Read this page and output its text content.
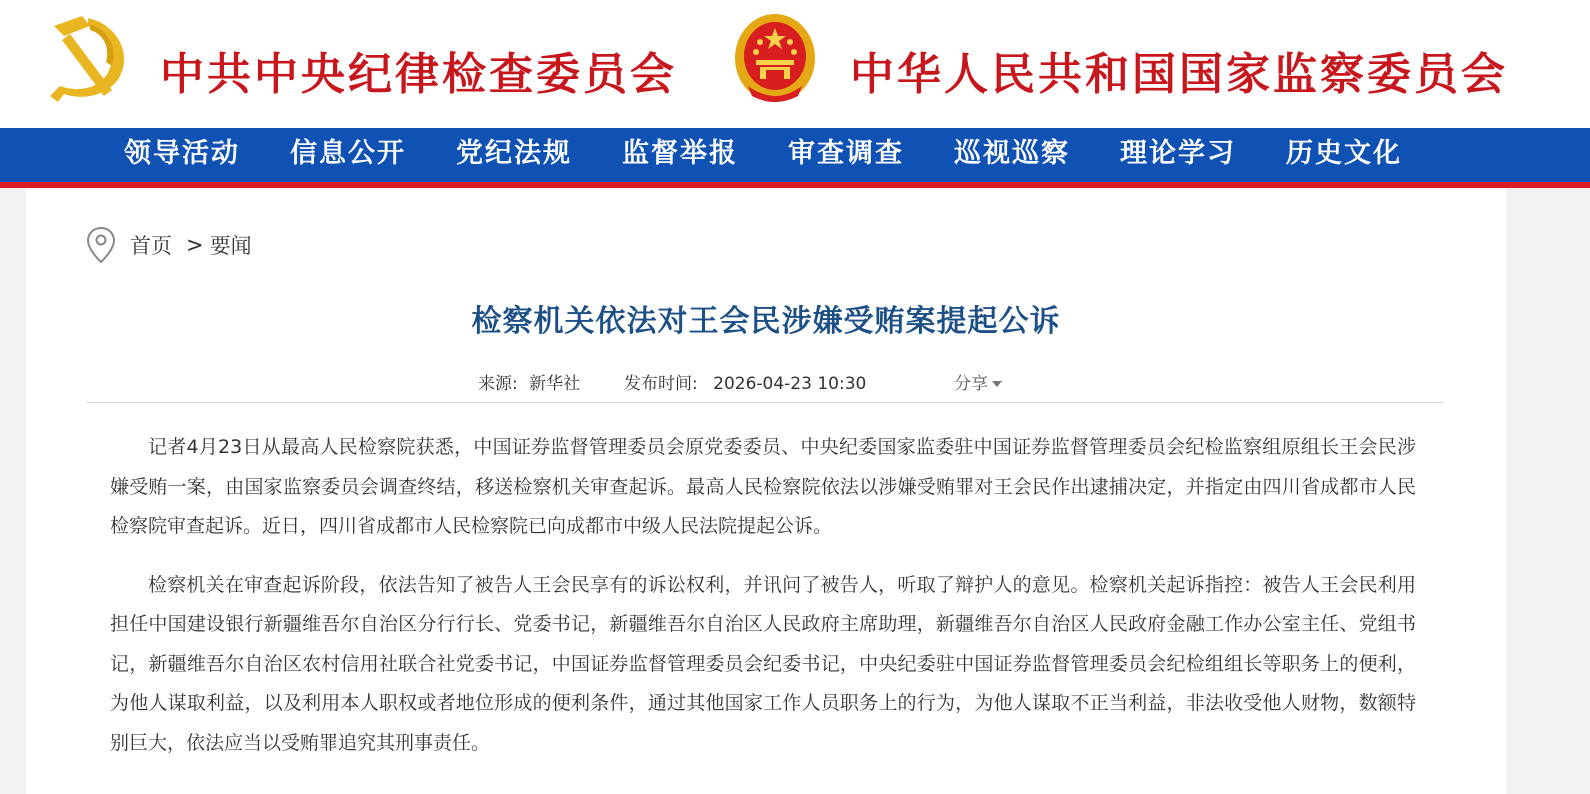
中共中央纪律检查委员会	中华人民共和国国家监察委员会
领导活动	信息公开	党纪法规	监督举报	审查调查	巡视巡察	理论学习	历史文化
首页 > 要闻
检察机关依法对王会民涉嫌受贿案提起公诉
来源: 新华社	发布时间: 2026-04-23 10:30	分享

记者4月23日从最高人民检察院获悉，中国证券监督管理委员会原党委委员、中央纪委国家监委驻中国证券监督管理委员会纪检监察组原组长王会民涉嫌受贿一案，由国家监察委员会调查终结，移送检察机关审查起诉。最高人民检察院依法以涉嫌受贿罪对王会民作出逮捕决定，并指定由四川省成都市人民检察院审查起诉。近日，四川省成都市人民检察院已向成都市中级人民法院提起公诉。

检察机关在审查起诉阶段，依法告知了被告人王会民享有的诉讼权利，并讯问了被告人，听取了辩护人的意见。检察机关起诉指控：被告人王会民利用担任中国建设银行新疆维吾尔自治区分行行长、党委书记，新疆维吾尔自治区人民政府主席助理，新疆维吾尔自治区人民政府金融工作办公室主任、党组书记，新疆维吾尔自治区农村信用社联合社党委书记，中国证券监督管理委员会纪委书记，中央纪委驻中国证券监督管理委员会纪检组组长等职务上的便利，为他人谋取利益，以及利用本人职权或者地位形成的便利条件，通过其他国家工作人员职务上的行为，为他人谋取不正当利益，非法收受他人财物，数额特别巨大，依法应当以受贿罪追究其刑事责任。
